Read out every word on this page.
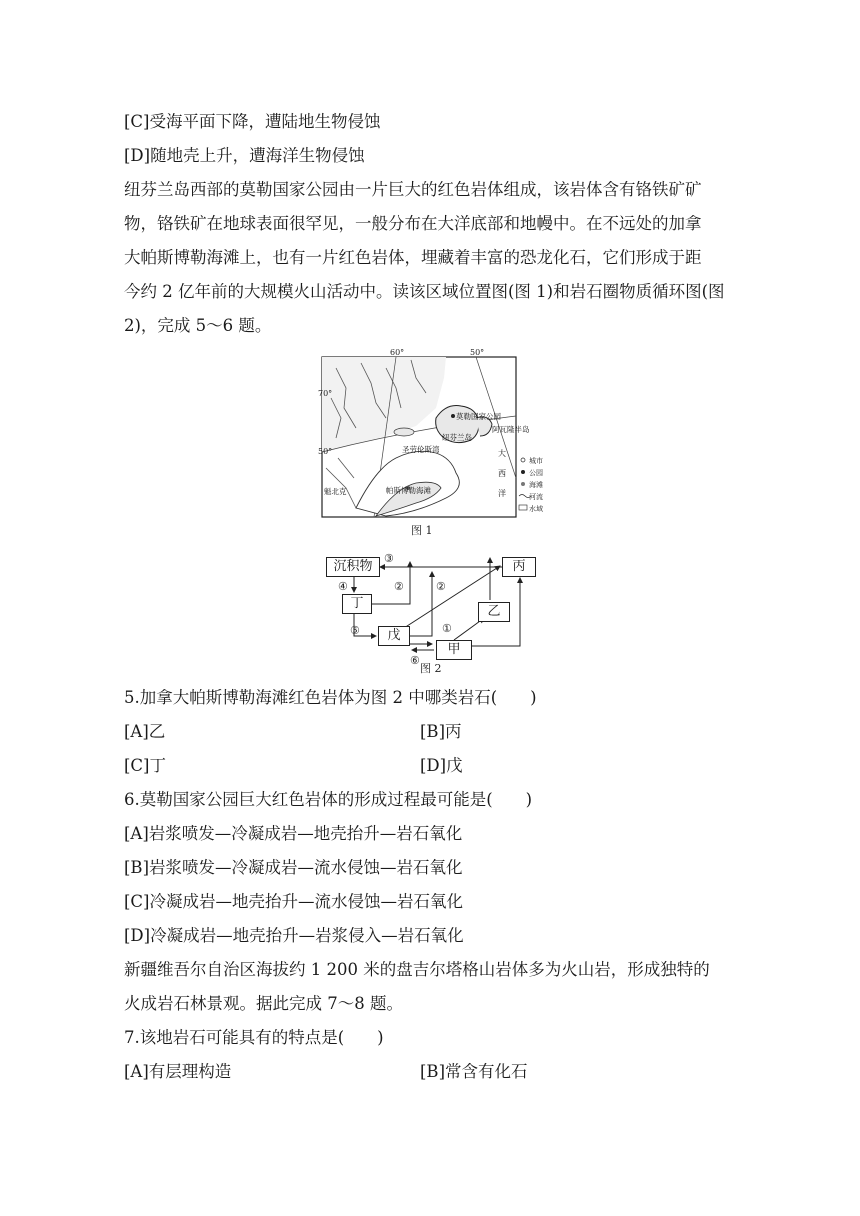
[C]受海平面下降，遭陆地生物侵蚀
[D]随地壳上升，遭海洋生物侵蚀
纽芬兰岛西部的莫勒国家公园由一片巨大的红色岩体组成，该岩体含有铬铁矿矿
物，铬铁矿在地球表面很罕见，一般分布在大洋底部和地幔中。在不远处的加拿
大帕斯博勒海滩上，也有一片红色岩体，埋藏着丰富的恐龙化石，它们形成于距
今约 2 亿年前的大规模火山活动中。读该区域位置图(图 1)和岩石圈物质循环图(图
2)，完成 5～6 题。
60°	50°
70°
50°
莫勒国家公园
纽芬兰岛
阿瓦隆半岛
大
西
洋
圣劳伦斯湾
帕斯博勒海滩
魁北克
城市
公园
海滩
河流
水域
图 1
③
④	②	②
⑤	①
⑥
沉积物
丁
戊
甲
乙
丙
图 2
5.加拿大帕斯博勒海滩红色岩体为图 2 中哪类岩石(　　)
[A]乙	[B]丙
[C]丁	[D]戊
6.莫勒国家公园巨大红色岩体的形成过程最可能是(　　)
[A]岩浆喷发—冷凝成岩—地壳抬升—岩石氧化
[B]岩浆喷发—冷凝成岩—流水侵蚀—岩石氧化
[C]冷凝成岩—地壳抬升—流水侵蚀—岩石氧化
[D]冷凝成岩—地壳抬升—岩浆侵入—岩石氧化
新疆维吾尔自治区海拔约 1 200 米的盘吉尔塔格山岩体多为火山岩，形成独特的
火成岩石林景观。据此完成 7～8 题。
7.该地岩石可能具有的特点是(　　)
[A]有层理构造	[B]常含有化石
